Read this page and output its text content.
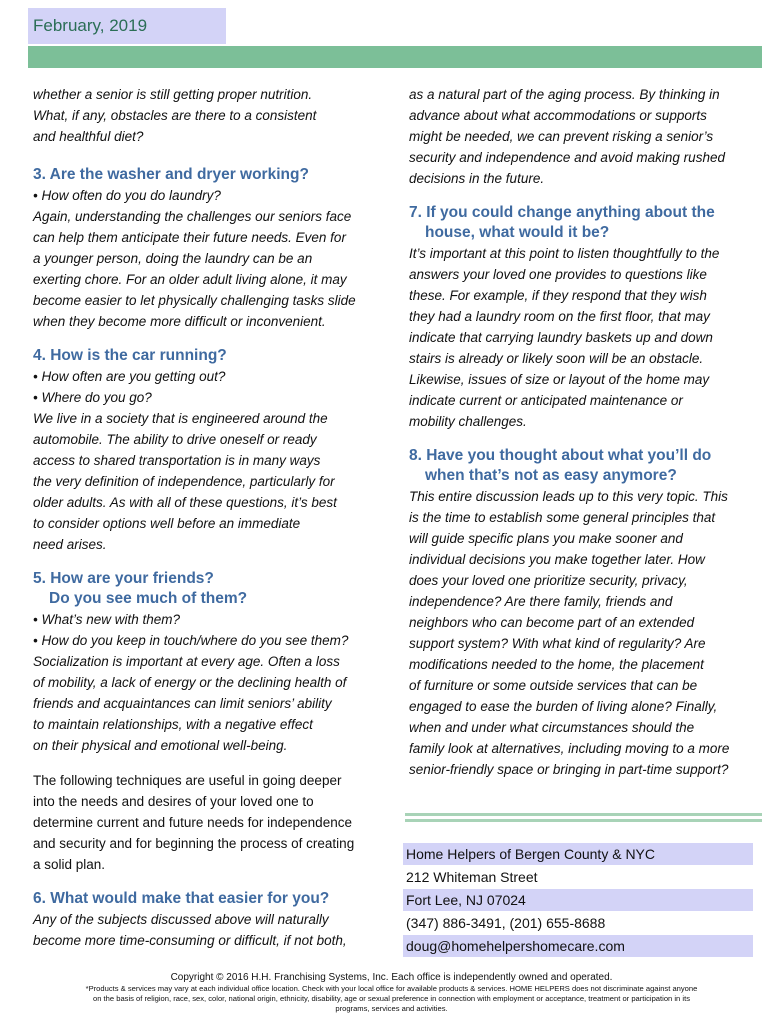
February, 2019

whether a senior is still getting proper nutrition.

What, if any, obstacles are there to a consistent

and healthful diet?

3. Are the washer and dryer working?

• How often do you do laundry?

Again, understanding the challenges our seniors face

can help them anticipate their future needs. Even for

a younger person, doing the laundry can be an

exerting chore. For an older adult living alone, it may

become easier to let physically challenging tasks slide

when they become more difficult or inconvenient.

4. How is the car running?

• How often are you getting out?

• Where do you go?

We live in a society that is engineered around the

automobile. The ability to drive oneself or ready

access to shared transportation is in many ways

the very definition of independence, particularly for

older adults. As with all of these questions, it’s best

to consider options well before an immediate

need arises.

5. How are your friends?
Do you see much of them?

• What’s new with them?

• How do you keep in touch/where do you see them?

Socialization is important at every age. Often a loss

of mobility, a lack of energy or the declining health of

friends and acquaintances can limit seniors’ ability

to maintain relationships, with a negative effect

on their physical and emotional well-being.

The following techniques are useful in going deeper

into the needs and desires of your loved one to

determine current and future needs for independence

and security and for beginning the process of creating

a solid plan.

6. What would make that easier for you?

Any of the subjects discussed above will naturally

become more time-consuming or difficult, if not both,

as a natural part of the aging process. By thinking in

advance about what accommodations or supports

might be needed, we can prevent risking a senior’s

security and independence and avoid making rushed

decisions in the future.

7. If you could change anything about the
house, what would it be?

It’s important at this point to listen thoughtfully to the

answers your loved one provides to questions like

these. For example, if they respond that they wish

they had a laundry room on the first floor, that may

indicate that carrying laundry baskets up and down

stairs is already or likely soon will be an obstacle.

Likewise, issues of size or layout of the home may

indicate current or anticipated maintenance or

mobility challenges.

8. Have you thought about what you’ll do
when that’s not as easy anymore?

This entire discussion leads up to this very topic. This

is the time to establish some general principles that

will guide specific plans you make sooner and

individual decisions you make together later. How

does your loved one prioritize security, privacy,

independence? Are there family, friends and

neighbors who can become part of an extended

support system? With what kind of regularity? Are

modifications needed to the home, the placement

of furniture or some outside services that can be

engaged to ease the burden of living alone? Finally,

when and under what circumstances should the

family look at alternatives, including moving to a more

senior-friendly space or bringing in part-time support?

Home Helpers of Bergen County & NYC
212 Whiteman Street
Fort Lee, NJ 07024
(347) 886-3491, (201) 655-8688
doug@homehelpershomecare.com
Copyright © 2016 H.H. Franchising Systems, Inc. Each office is independently owned and operated.
*Products & services may vary at each individual office location. Check with your local office for available products & services. HOME HELPERS does not discriminate against anyone
on the basis of religion, race, sex, color, national origin, ethnicity, disability, age or sexual preference in connection with employment or acceptance, treatment or participation in its
programs, services and activities.
